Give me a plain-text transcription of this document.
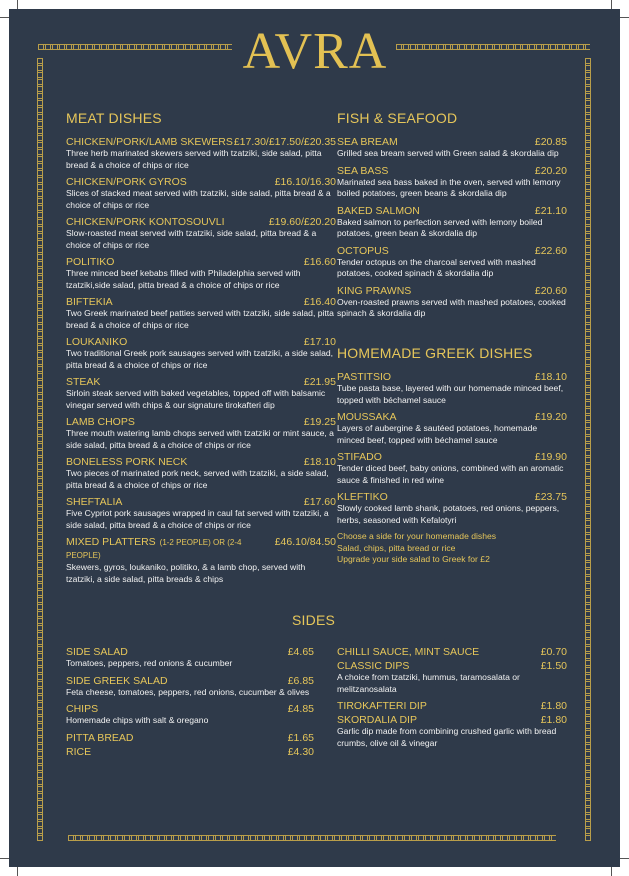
AVRA
MEAT DISHES
CHICKEN/PORK/LAMB SKEWERS £17.30/£17.50/£20.35
Three herb marinated skewers served with tzatziki, side salad, pitta bread & a choice of chips or rice
CHICKEN/PORK GYROS	£16.10/16.30
Slices of stacked meat served with tzatziki, side salad, pitta bread & a choice of chips or rice
CHICKEN/PORK KONTOSOUVLI	£19.60/£20.20
Slow-roasted meat served with tzatziki, side salad, pitta bread & a choice of chips or rice
POLITIKO	£16.60
Three minced beef kebabs filled with Philadelphia served with tzatziki,side salad, pitta bread & a choice of chips or rice
BIFTEKIA	£16.40
Two Greek marinated beef patties served with tzatziki, side salad, pitta bread & a choice of chips or rice
LOUKANIKO	£17.10
Two traditional Greek pork sausages served with tzatziki, a side salad, pitta bread & a choice of chips or rice
STEAK	£21.95
Sirloin steak served with baked vegetables, topped off with balsamic vinegar served with chips & our signature tirokafteri dip
LAMB CHOPS	£19.25
Three mouth watering lamb chops served with tzatziki or mint sauce, a side salad, pitta bread & a choice of chips or rice
BONELESS PORK NECK	£18.10
Two pieces of marinated pork neck, served with tzatziki, a side salad, pitta bread & a choice of chips or rice
SHEFTALIA	£17.60
Five Cypriot pork sausages wrapped in caul fat served with tzatziki, a side salad, pitta bread & a choice of chips or rice
MIXED PLATTERS (1-2 PEOPLE) OR (2-4 PEOPLE)
£46.10/84.50
Skewers, gyros, loukaniko, politiko, & a lamb chop, served with tzatziki, a side salad, pitta breads & chips
FISH & SEAFOOD
SEA BREAM	£20.85
Grilled sea bream served with Green salad & skordalia dip
SEA BASS	£20.20
Marinated sea bass baked in the oven, served with lemony boiled potatoes, green beans & skordalia dip
BAKED SALMON	£21.10
Baked salmon to perfection served with lemony boiled potatoes, green bean & skordalia dip
OCTOPUS	£22.60
Tender octopus on the charcoal served with mashed potatoes, cooked spinach & skordalia dip
KING PRAWNS	£20.60
Oven-roasted prawns served with mashed potatoes, cooked spinach & skordalia dip
HOMEMADE GREEK DISHES
PASTITSIO	£18.10
Tube pasta base, layered with our homemade minced beef, topped with béchamel sauce
MOUSSAKA	£19.20
Layers of aubergine & sautéed potatoes, homemade minced beef, topped with béchamel sauce
STIFADO	£19.90
Tender diced beef, baby onions, combined with an aromatic sauce & finished in red wine
KLEFTIKO	£23.75
Slowly cooked lamb shank, potatoes, red onions, peppers, herbs, seasoned with Kefalotyri
Choose a side for your homemade dishes
Salad, chips, pitta bread or rice
Upgrade your side salad to Greek for £2
SIDES
SIDE SALAD	£4.65
Tomatoes, peppers, red onions & cucumber
SIDE GREEK SALAD	£6.85
Feta cheese, tomatoes, peppers, red onions, cucumber & olives
CHIPS	£4.85
Homemade chips with salt & oregano
PITTA BREAD	£1.65
RICE	£4.30
CHILLI SAUCE, MINT SAUCE	£0.70
CLASSIC DIPS	£1.50
A choice from tzatziki, hummus, taramosalata or melitzanosalata
TIROKAFTERI DIP	£1.80
SKORDALIA DIP	£1.80
Garlic dip made from combining crushed garlic with bread crumbs, olive oil & vinegar
